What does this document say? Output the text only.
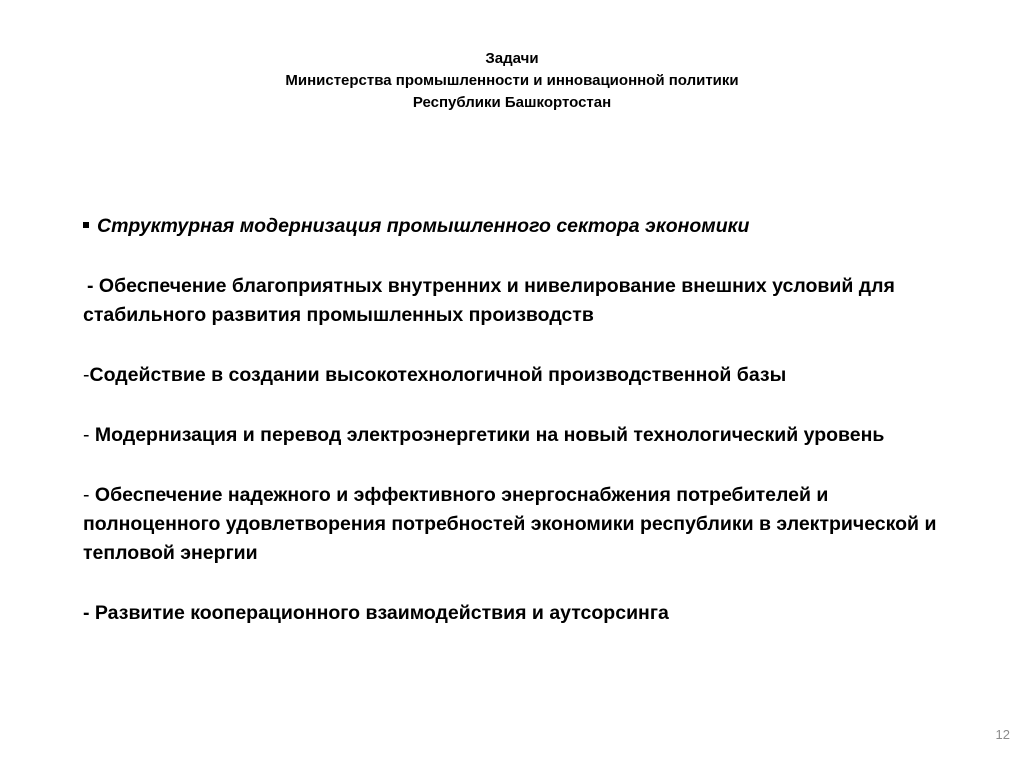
Задачи
Министерства промышленности и инновационной политики
Республики Башкортостан

Структурная модернизация промышленного сектора экономики

- Обеспечение благоприятных внутренних и нивелирование внешних условий для стабильного развития промышленных производств

-Содействие в создании высокотехнологичной производственной базы

- Модернизация и перевод электроэнергетики на новый технологический уровень

- Обеспечение надежного и эффективного энергоснабжения потребителей и полноценного удовлетворения потребностей экономики республики в электрической и тепловой энергии

- Развитие кооперационного взаимодействия и аутсорсинга

12
